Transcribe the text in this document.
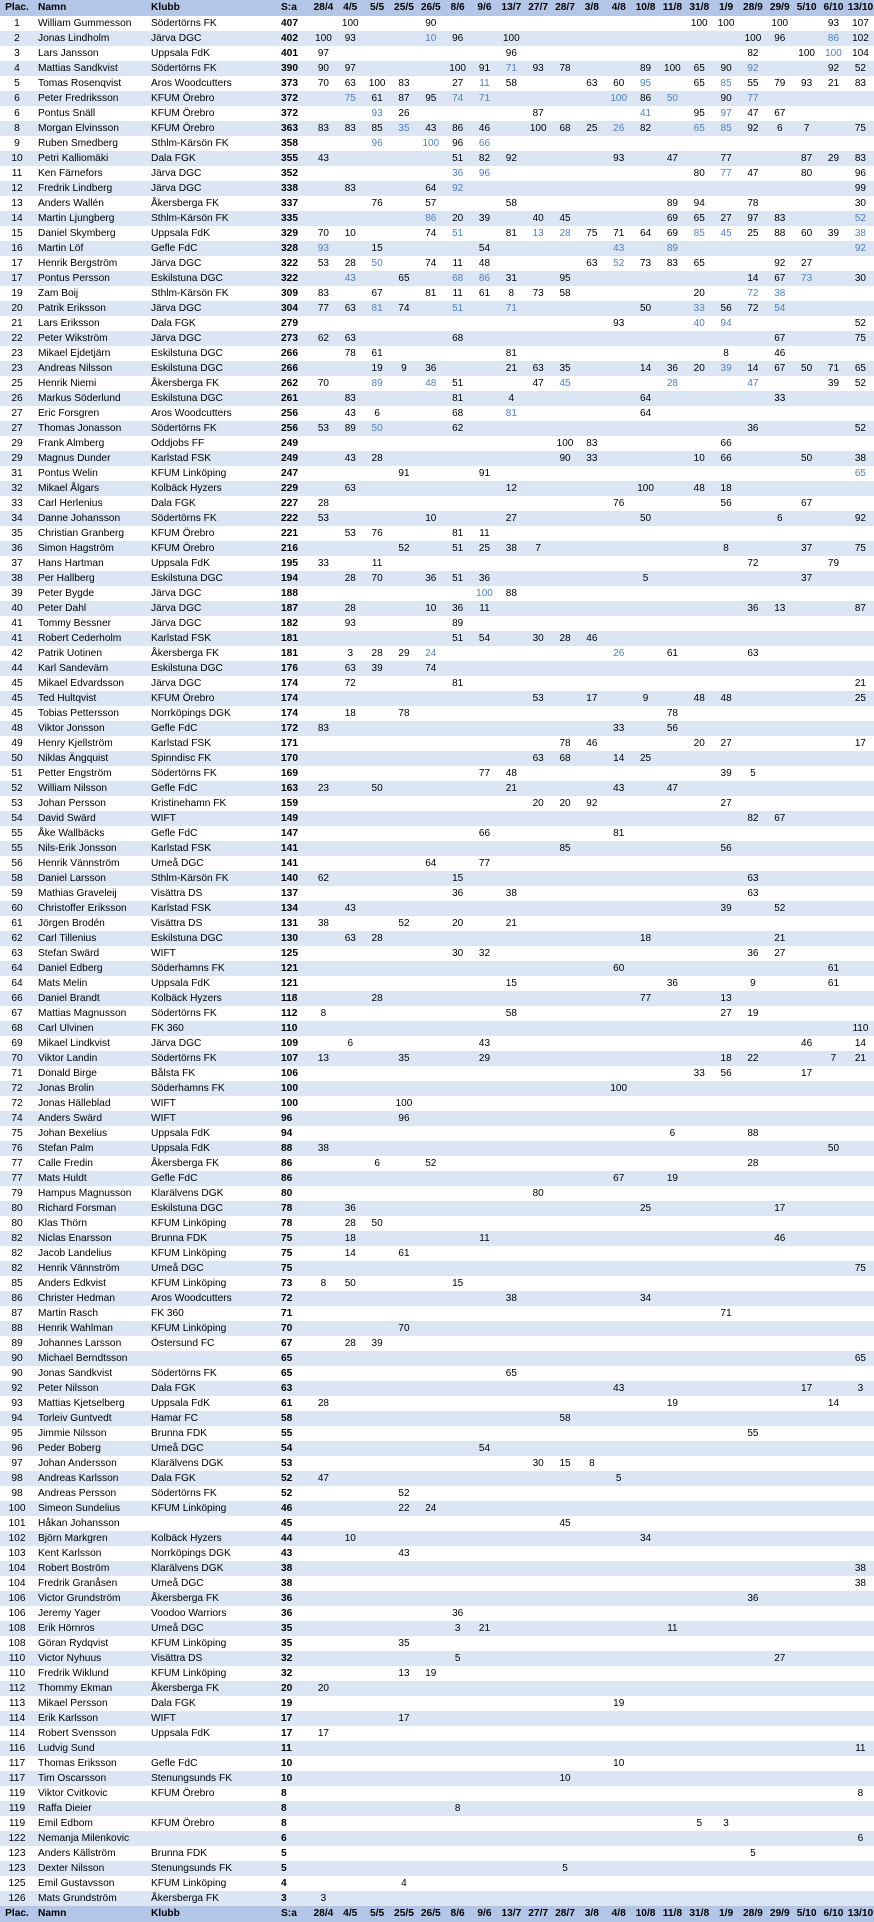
Plac.	Namn	Klubb	S:a	28/4	4/5	5/5	25/5	26/5	8/6	9/6	13/7	27/7	28/7	3/8	4/8	10/8	11/8	31/8	1/9	28/9	29/9	5/10	6/10	13/10
1	William Gummesson	Södertörns FK	407		100			90										100	100		100		93	107
2	Jonas Lindholm	Järva DGC	402	100	93			10	96		100									100	96		86	102
3	Lars Jansson	Uppsala FdK	401	97							96									82		100	100	104
4	Mattias Sandkvist	Södertörns FK	390	90	97				100	91	71	93	78			89	100	65	90	92			92	52
5	Tomas Rosenqvist	Aros Woodcutters	373	70	63	100	83		27	11	58			63	60	95		65	85	55	79	93	21	83
6	Peter Fredriksson	KFUM Örebro	372		75	61	87	95	74	71					100	86	50		90	77				
6	Pontus Snäll	KFUM Örebro	372			93	26					87				41		95	97	47	67			
8	Morgan Elvinsson	KFUM Örebro	363	83	83	85	35	43	86	46		100	68	25	26	82		65	85	92	6	7		75
9	Ruben Smedberg	Sthlm-Kärsön FK	358			96		100	96	66														
10	Petri Kalliomäki	Dala FGK	355	43					51	82	92				93		47		77			87	29	83
11	Ken Färnefors	Järva DGC	352						36	96								80	77	47		80		96
12	Fredrik Lindberg	Järva DGC	338		83			64	92															99
13	Anders Wallén	Åkersberga FK	337			76		57			58						89	94		78				30
14	Martin Ljungberg	Sthlm-Kärsön FK	335					86	20	39		40	45				69	65	27	97	83			52
15	Daniel Skymberg	Uppsala FdK	329	70	10			74	51		81	13	28	75	71	64	69	85	45	25	88	60	39	38
16	Martin Löf	Gefle FdC	328	93		15				54					43		89							92
17	Henrik Bergström	Järva DGC	322	53	28	50		74	11	48				63	52	73	83	65			92	27		
17	Pontus Persson	Eskilstuna DGC	322		43		65		68	86	31		95							14	67	73		30
19	Zam Boij	Sthlm-Kärsön FK	309	83		67		81	11	61	8	73	58					20		72	38			
20	Patrik Eriksson	Järva DGC	304	77	63	81	74		51		71					50		33	56	72	54			
21	Lars Eriksson	Dala FGK	279												93			40	94					52
22	Peter Wikström	Järva DGC	273	62	63				68												67			75
23	Mikael Ejdetjärn	Eskilstuna DGC	266		78	61					81								8		46			
23	Andreas Nilsson	Eskilstuna DGC	266			19	9	36			21	63	35			14	36	20	39	14	67	50	71	65
25	Henrik Niemi	Åkersberga FK	262	70		89		48	51			47	45				28			47			39	52
26	Markus Söderlund	Eskilstuna DGC	261		83				81		4					64					33			
27	Eric Forsgren	Aros Woodcutters	256		43	6			68		81					64								
27	Thomas Jonasson	Södertörns FK	256	53	89	50			62											36				52
29	Frank Almberg	Oddjobs FF	249										100	83					66					
29	Magnus Dunder	Karlstad FSK	249		43	28							90	33				10	66			50		38
31	Pontus Welin	KFUM Linköping	247				91			91														65
32	Mikael Ålgars	Kolbäck Hyzers	229		63						12					100		48	18					
33	Carl Herlenius	Dala FGK	227	28											76				56			67		
34	Danne Johansson	Södertörns FK	222	53				10			27					50					6			92
35	Christian Granberg	KFUM Örebro	221		53	76			81	11														
36	Simon Hagström	KFUM Örebro	216				52		51	25	38	7							8			37		75
37	Hans Hartman	Uppsala FdK	195	33		11														72			79	
38	Per Hallberg	Eskilstuna DGC	194		28	70		36	51	36						5						37		
39	Peter Bygde	Järva DGC	188							100	88													
40	Peter Dahl	Järva DGC	187		28			10	36	11										36	13			87
41	Tommy Bessner	Järva DGC	182		93				89															
41	Robert Cederholm	Karlstad FSK	181						51	54		30	28	46										
42	Patrik Uotinen	Åkersberga FK	181		3	28	29	24							26		61			63				
44	Karl Sandevärn	Eskilstuna DGC	176		63	39		74																
45	Mikael Edvardsson	Järva DGC	174		72				81															21
45	Ted Hultqvist	KFUM Örebro	174									53		17		9		48	48					25
45	Tobias Pettersson	Norrköpings DGK	174		18		78										78							
48	Viktor Jonsson	Gefle FdC	172	83											33		56							
49	Henry Kjellström	Karlstad FSK	171										78	46				20	27					17
50	Niklas Ängquist	Spinndisc FK	170									63	68		14	25								
51	Petter Engström	Södertörns FK	169							77	48								39	5				
52	William Nilsson	Gefle FdC	163	23		50					21				43		47							
53	Johan Persson	Kristinehamn FK	159									20	20	92					27					
54	David Swärd	WIFT	149																	82	67			
55	Åke Wallbäcks	Gefle FdC	147							66					81									
55	Nils-Erik Jonsson	Karlstad FSK	141										85						56					
56	Henrik Vännström	Umeå DGC	141					64		77														
58	Daniel Larsson	Sthlm-Kärsön FK	140	62					15											63				
59	Mathias Graveleij	Visättra DS	137						36		38									63				
60	Christoffer Eriksson	Karlstad FSK	134		43														39		52			
61	Jörgen Brodén	Visättra DS	131	38			52		20		21													
62	Carl Tillenius	Eskilstuna DGC	130		63	28										18					21			
63	Stefan Swärd	WIFT	125						30	32										36	27			
64	Daniel Edberg	Söderhamns FK	121												60								61	
64	Mats Melin	Uppsala FdK	121								15						36			9			61	
66	Daniel Brandt	Kolbäck Hyzers	118			28										77			13					
67	Mattias Magnusson	Södertörns FK	112	8							58								27	19				
68	Carl Ulvinen	FK 360	110																					110
69	Mikael Lindkvist	Järva DGC	109		6					43												46		14
70	Viktor Landin	Södertörns FK	107	13			35			29									18	22			7	21
71	Donald Birge	Bålsta FK	106															33	56			17		
72	Jonas Brolin	Söderhamns FK	100												100									
72	Jonas Hälleblad	WIFT	100				100																	
74	Anders Swärd	WIFT	96				96																	
75	Johan Bexelius	Uppsala FdK	94														6			88				
76	Stefan Palm	Uppsala FdK	88	38																			50	
77	Calle Fredin	Åkersberga FK	86			6		52												28				
77	Mats Huldt	Gefle FdC	86												67		19							
79	Hampus Magnusson	Klarälvens DGK	80									80												
80	Richard Forsman	Eskilstuna DGC	78		36											25					17			
80	Klas Thörn	KFUM Linköping	78		28	50																		
82	Niclas Enarsson	Brunna FDK	75		18					11											46			
82	Jacob Landelius	KFUM Linköping	75		14		61																	
82	Henrik Vännström	Umeå DGC	75																					75
85	Anders Edkvist	KFUM Linköping	73	8	50				15															
86	Christer Hedman	Aros Woodcutters	72								38					34								
87	Martin Rasch	FK 360	71																71					
88	Henrik Wahlman	KFUM Linköping	70				70																	
89	Johannes Larsson	Östersund FC	67		28	39																		
90	Michael Berndtsson		65																					65
90	Jonas Sandkvist	Södertörns FK	65								65													
92	Peter Nilsson	Dala FGK	63												43							17		3
93	Mattias Kjetselberg	Uppsala FdK	61	28													19						14	
94	Torleiv Guntvedt	Hamar FC	58										58											
95	Jimmie Nilsson	Brunna FDK	55																	55				
96	Peder Boberg	Umeå DGC	54							54														
97	Johan Andersson	Klarälvens DGK	53									30	15	8										
98	Andreas Karlsson	Dala FGK	52	47											5									
98	Andreas Persson	Södertörns FK	52				52																	
100	Simeon Sundelius	KFUM Linköping	46				22	24																
101	Håkan Johansson		45										45											
102	Björn Markgren	Kolbäck Hyzers	44		10											34								
103	Kent Karlsson	Norrköpings DGK	43				43																	
104	Robert Boström	Klarälvens DGK	38																					38
104	Fredrik Granåsen	Umeå DGC	38																					38
106	Victor Grundström	Åkersberga FK	36																	36				
106	Jeremy Yager	Voodoo Warriors	36						36															
108	Erik Hörnros	Umeå DGC	35						3	21							11							
108	Göran Rydqvist	KFUM Linköping	35				35																	
110	Victor Nyhuus	Visättra DS	32						5												27			
110	Fredrik Wiklund	KFUM Linköping	32				13	19																
112	Thommy Ekman	Åkersberga FK	20	20																				
113	Mikael Persson	Dala FGK	19												19									
114	Erik Karlsson	WIFT	17				17																	
114	Robert Svensson	Uppsala FdK	17	17																				
116	Ludvig Sund		11																					11
117	Thomas Eriksson	Gefle FdC	10												10									
117	Tim Oscarsson	Stenungsunds FK	10										10											
119	Viktor Cvitkovic	KFUM Örebro	8																					8
119	Raffa Dieier		8						8															
119	Emil Edbom	KFUM Örebro	8															5	3					
122	Nemanja Milenkovic		6																					6
123	Anders Källström	Brunna FDK	5																	5				
123	Dexter Nilsson	Stenungsunds FK	5										5											
125	Emil Gustavsson	KFUM Linköping	4				4																	
126	Mats Grundström	Åkersberga FK	3	3																				
Plac.	Namn	Klubb	S:a	28/4	4/5	5/5	25/5	26/5	8/6	9/6	13/7	27/7	28/7	3/8	4/8	10/8	11/8	31/8	1/9	28/9	29/9	5/10	6/10	13/10
